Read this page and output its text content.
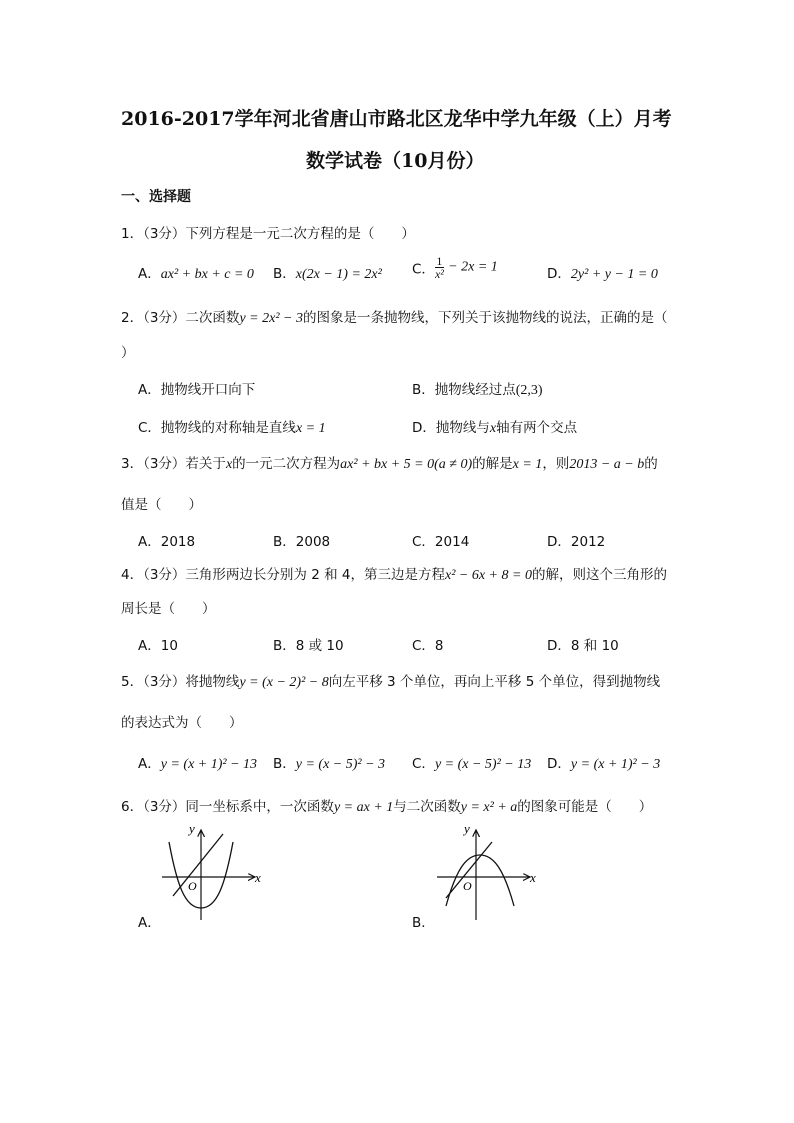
2016-2017学年河北省唐山市路北区龙华中学九年级（上）月考
数学试卷（10月份）
一、选择题
1．（3分）下列方程是一元二次方程的是（　　）
A．ax² + bx + c = 0 B．x(2x − 1) = 2x² C． $\frac{1}{\text{x²}} - 2x = 1$	D．2y² + y − 1 = 0
2．（3分）二次函数y = 2x² − 3的图象是一条抛物线，下列关于该抛物线的说法，正确的是（
）
A．抛物线开口向下	B．抛物线经过点(2,3)
C．抛物线的对称轴是直线x = 1	D．抛物线与x轴有两个交点
3．（3分）若关于x的一元二次方程为ax² + bx + 5 = 0(a ≠ 0)的解是x = 1，则2013 − a − b的
值是（　　）
A．2018	B．2008	C．2014	D．2012
4．（3分）三角形两边长分别为 2 和 4，第三边是方程x² − 6x + 8 = 0的解，则这个三角形的
周长是（　　）
A．10	B．8 或 10	C．8	D．8 和 10
5．（3分）将抛物线y = (x − 2)² − 8向左平移 3 个单位，再向上平移 5 个单位，得到抛物线
的表达式为（　　）
A．y = (x + 1)² − 13 B．y = (x − 5)² − 3 C．y = (x − 5)² − 13 D．y = (x + 1)² − 3
6．（3分）同一坐标系中，一次函数y = ax + 1与二次函数y = x² + a的图象可能是（　　）
y
x
O
A．
y
x
O
B．
